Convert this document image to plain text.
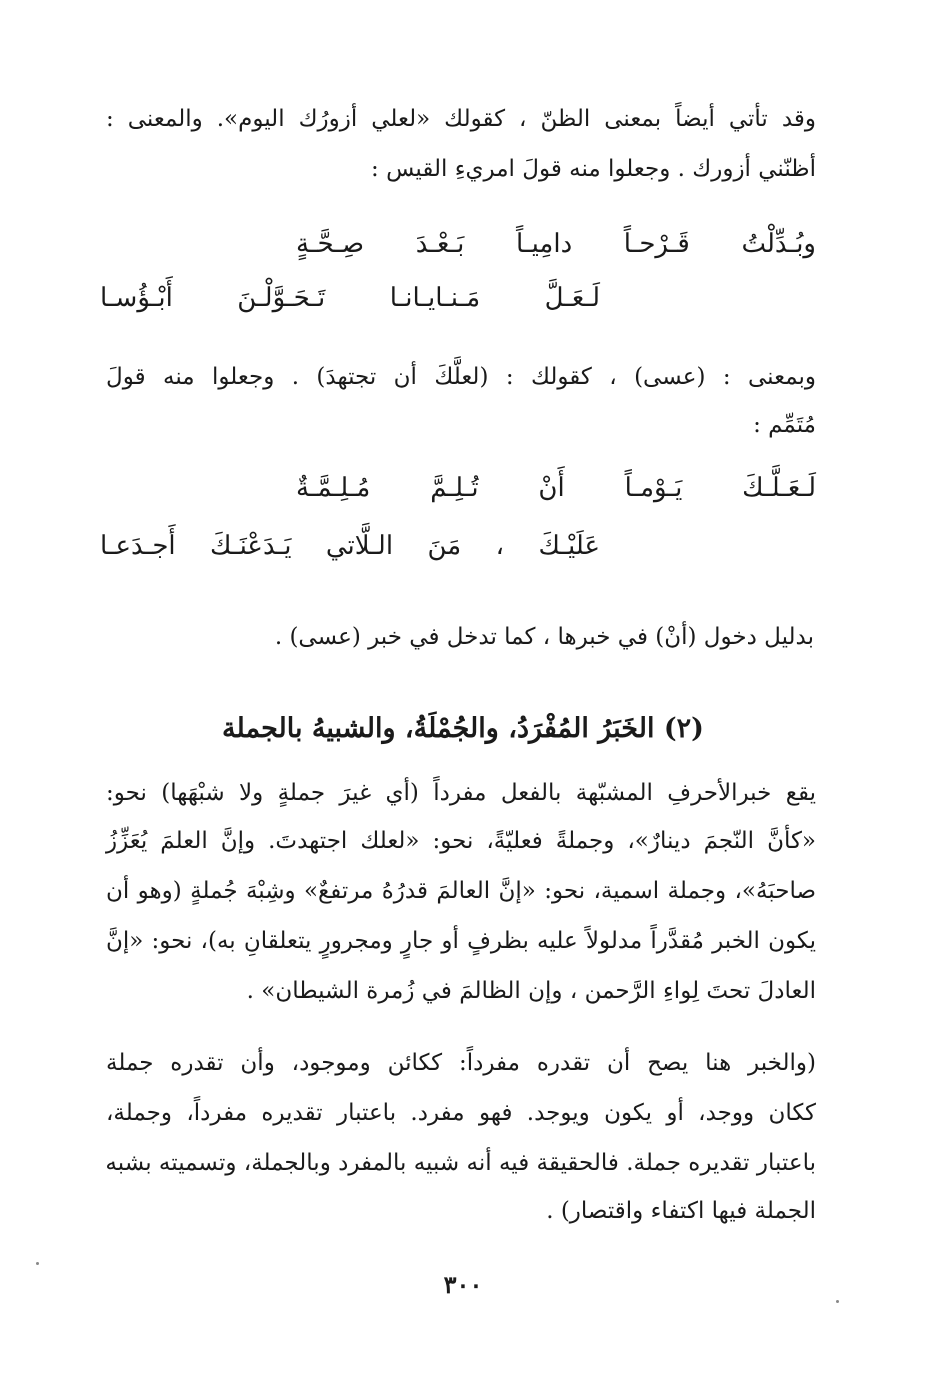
وقد تأتي أيضاً بمعنى الظنّ ، كقولك «لعلي أزورُك اليوم». والمعنى :
أظنّني أزورك . وجعلوا منه قولَ امريءِ القيس :
وبُـدِّلْتُ قَـرْحـاً دامِيـاً بَـعْـدَ صِـحَّـةٍ
لَـعَـلَّ مَـنـايـانـا تَـحَـوَّلْـنَ أَبْـؤُسـا
وبمعنى : (عسى) ، كقولك : (لعلَّكَ أن تجتهدَ) . وجعلوا منه قولَ
مُتَمِّم :
لَـعَـلَّـكَ يَـوْمـاً أَنْ تُـلِـمَّ مُـلِـمَّـةٌ
عَلَيْـكَ ، مَنَ الـلَّاتي يَـدَعْنَـكَ أَجـدَعـا
بدليل دخول (أنْ) في خبرها ، كما تدخل في خبر (عسى) .
(٢) الخَبَرُ المُفْرَدُ، والجُمْلَةُ، والشبيهُ بالجملة
يقع خبرالأحرفِ المشبّهة بالفعل مفرداً (أي غيرَ جملةٍ ولا شبْهَها) نحو:
«كأنَّ النّجمَ دينارٌ»، وجملةً فعليّةً، نحو: «لعلك اجتهدتَ. وإنَّ العلمَ يُعَزِّزُ
صاحبَهُ»، وجملة اسمية، نحو: «إنَّ العالمَ قدرُهُ مرتفعٌ» وشِبْهَ جُملةٍ (وهو أن
يكون الخبر مُقدَّراً مدلولاً عليه بظرفٍ أو جارٍ ومجرورٍ يتعلقانِ به)، نحو: «إنَّ
العادلَ تحتَ لِواءِ الرَّحمن ، وإن الظالمَ في زُمرة الشيطان» .
(والخبر هنا يصح أن تقدره مفرداً: ككائن وموجود، وأن تقدره جملة
ككان ووجد، أو يكون ويوجد. فهو مفرد. باعتبار تقديره مفرداً، وجملة،
باعتبار تقديره جملة. فالحقيقة فيه أنه شبيه بالمفرد وبالجملة، وتسميته بشبه
الجملة فيها اكتفاء واقتصار) .
٣٠٠
